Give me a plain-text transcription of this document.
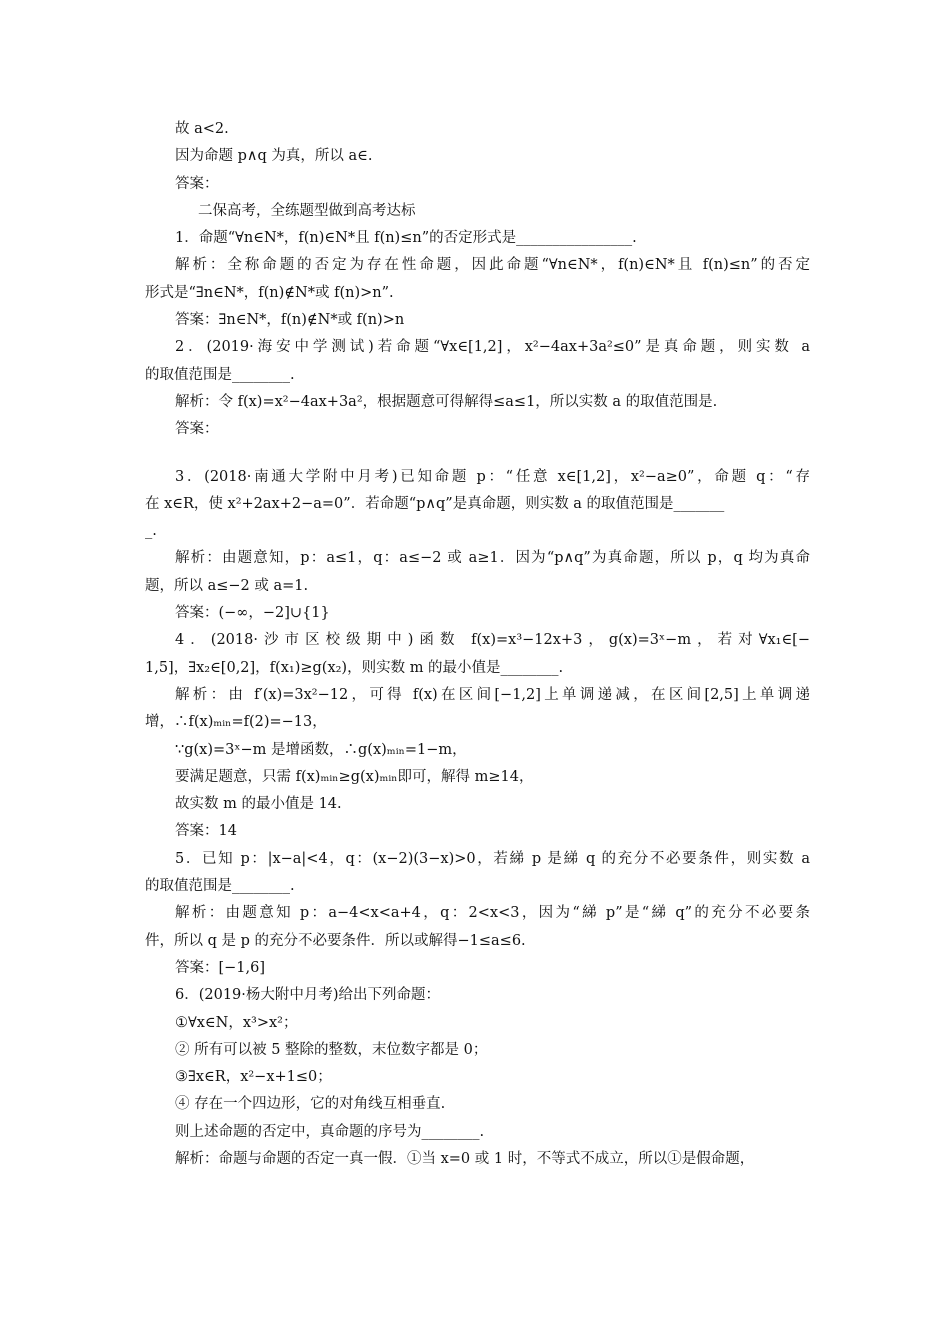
故 a<2.
因为命题 p∧q 为真，所以 a∈.
答案：
二保高考，全练题型做到高考达标
1．命题“∀n∈N*，f(n)∈N*且 f(n)≤n”的否定形式是________________.
解析：全称命题的否定为存在性命题，因此命题“∀n∈N*，f(n)∈N*且 f(n)≤n”的否定
形式是“∃n∈N*，f(n)∉N*或 f(n)>n”.
答案：∃n∈N*，f(n)∉N*或 f(n)>n
2．(2019·海安中学测试)若命题“∀x∈[1,2]，x²−4ax+3a²≤0”是真命题，则实数 a
的取值范围是________.
解析：令 f(x)=x²−4ax+3a²，根据题意可得解得≤a≤1，所以实数 a 的取值范围是.
答案：
3．(2018·南通大学附中月考)已知命题 p：“任意 x∈[1,2]，x²−a≥0”，命题 q：“存
在 x∈R，使 x²+2ax+2−a=0”．若命题“p∧q”是真命题，则实数 a 的取值范围是_______
_.
解析：由题意知，p：a≤1，q：a≤−2 或 a≥1．因为“p∧q”为真命题，所以 p，q 均为真命
题，所以 a≤−2 或 a=1.
答案：(−∞，−2]∪{1}
4．(2018·沙市区校级期中)函数 f(x)=x³−12x+3，g(x)=3ˣ−m，若对∀x₁∈[−
1,5]，∃x₂∈[0,2]，f(x₁)≥g(x₂)，则实数 m 的最小值是________.
解析：由 f′(x)=3x²−12，可得 f(x)在区间[−1,2]上单调递减，在区间[2,5]上单调递
增，∴f(x)ₘᵢₙ=f(2)=−13，
∵g(x)=3ˣ−m 是增函数，∴g(x)ₘᵢₙ=1−m，
要满足题意，只需 f(x)ₘᵢₙ≥g(x)ₘᵢₙ即可，解得 m≥14，
故实数 m 的最小值是 14.
答案：14
5．已知 p：|x−a|<4，q：(x−2)(3−x)>0，若綈 p 是綈 q 的充分不必要条件，则实数 a
的取值范围是________.
解析：由题意知 p：a−4<x<a+4，q：2<x<3，因为“綈 p”是“綈 q”的充分不必要条
件，所以 q 是 p 的充分不必要条件．所以或解得−1≤a≤6.
答案：[−1,6]
6．(2019·杨大附中月考)给出下列命题：
①∀x∈N，x³>x²；
② 所有可以被 5 整除的整数，末位数字都是 0；
③∃x∈R，x²−x+1≤0；
④ 存在一个四边形，它的对角线互相垂直.
则上述命题的否定中，真命题的序号为________.
解析：命题与命题的否定一真一假．①当 x=0 或 1 时，不等式不成立，所以①是假命题，
